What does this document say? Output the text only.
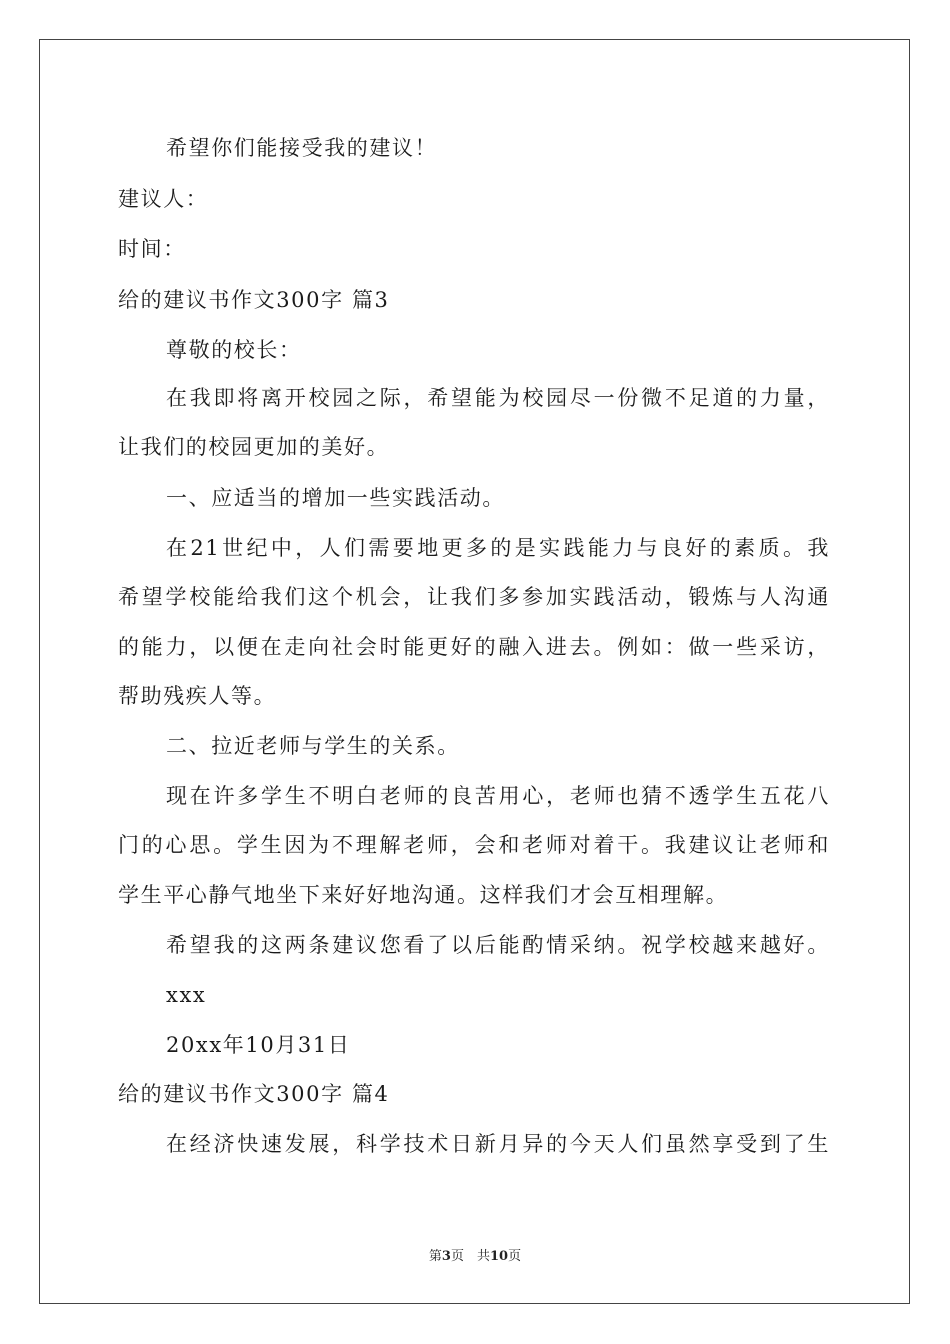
希望你们能接受我的建议！
建议人：
时间：
给的建议书作文300字 篇3
尊敬的校长：
在我即将离开校园之际，希望能为校园尽一份微不足道的力量，
让我们的校园更加的美好。
一、应适当的增加一些实践活动。
在21世纪中，人们需要地更多的是实践能力与良好的素质。我
希望学校能给我们这个机会，让我们多参加实践活动，锻炼与人沟通
的能力，以便在走向社会时能更好的融入进去。例如：做一些采访，
帮助残疾人等。
二、拉近老师与学生的关系。
现在许多学生不明白老师的良苦用心，老师也猜不透学生五花八
门的心思。学生因为不理解老师，会和老师对着干。我建议让老师和
学生平心静气地坐下来好好地沟通。这样我们才会互相理解。
希望我的这两条建议您看了以后能酌情采纳。祝学校越来越好。
xxx
20xx年10月31日
给的建议书作文300字 篇4
在经济快速发展，科学技术日新月异的今天人们虽然享受到了生
第3页　共10页
